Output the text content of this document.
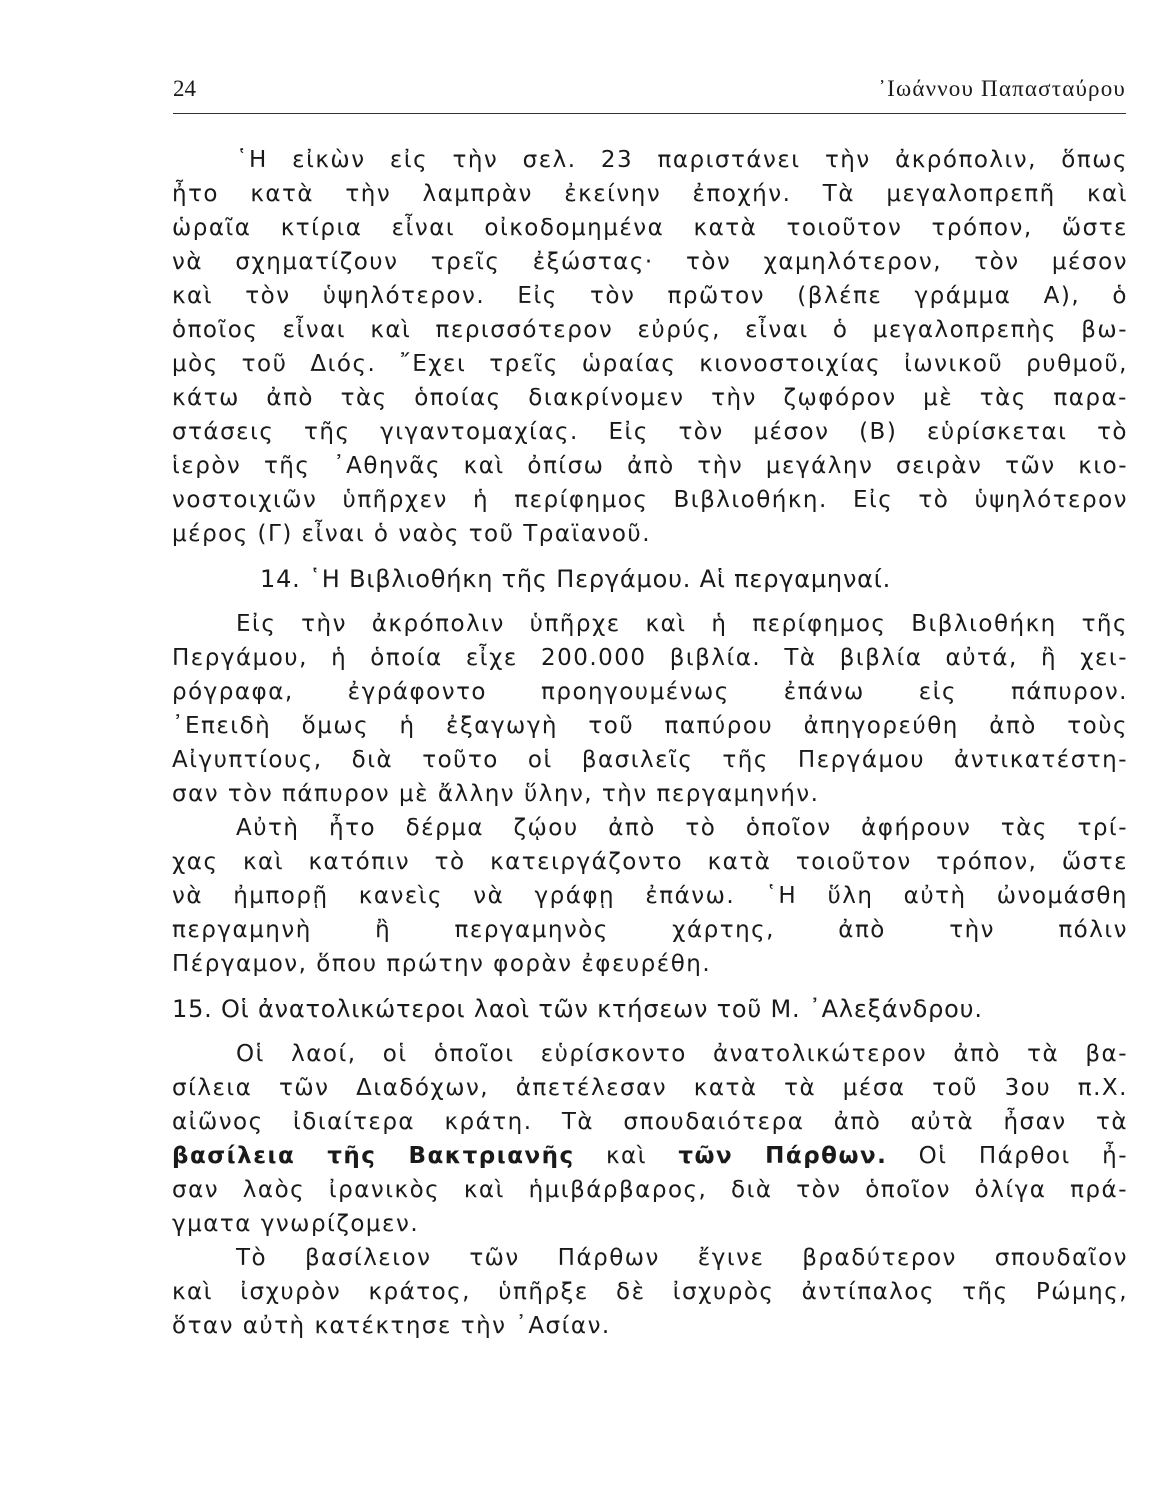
24	᾿Ιωάννου Παπασταύρου
῾Η εἰκὼν εἰς τὴν σελ. 23 παριστάνει τὴν ἀκρόπολιν, ὅπως
ἦτο κατὰ τὴν λαμπρὰν ἐκείνην ἐποχήν. Τὰ μεγαλοπρεπῆ καὶ
ὡραῖα κτίρια εἶναι οἰκοδομημένα κατὰ τοιοῦτον τρόπον, ὥστε
νὰ σχηματίζουν τρεῖς ἐξώστας· τὸν χαμηλότερον, τὸν μέσον
καὶ τὸν ὑψηλότερον. Εἰς τὸν πρῶτον (βλέπε γράμμα Α), ὁ
ὁποῖος εἶναι καὶ περισσότερον εὐρύς, εἶναι ὁ μεγαλοπρεπὴς βω-
μὸς τοῦ Διός. ῎Εχει τρεῖς ὡραίας κιονοστοιχίας ἰωνικοῦ ρυθμοῦ,
κάτω ἀπὸ τὰς ὁποίας διακρίνομεν τὴν ζῳφόρον μὲ τὰς παρα-
στάσεις τῆς γιγαντομαχίας. Εἰς τὸν μέσον (Β) εὑρίσκεται τὸ
ἱερὸν τῆς ᾿Αθηνᾶς καὶ ὀπίσω ἀπὸ τὴν μεγάλην σειρὰν τῶν κιο-
νοστοιχιῶν ὑπῆρχεν ἡ περίφημος Βιβλιοθήκη. Εἰς τὸ ὑψηλότερον
μέρος (Γ) εἶναι ὁ ναὸς τοῦ Τραϊανοῦ.
14. ῾Η Βιβλιοθήκη τῆς Περγάμου. Αἱ περγαμηναί.
Εἰς τὴν ἀκρόπολιν ὑπῆρχε καὶ ἡ περίφημος Βιβλιοθήκη τῆς
Περγάμου, ἡ ὁποία εἶχε 200.000 βιβλία. Τὰ βιβλία αὐτά, ἢ χει-
ρόγραφα, ἐγράφοντο προηγουμένως ἐπάνω εἰς πάπυρον.
᾿Επειδὴ ὅμως ἡ ἐξαγωγὴ τοῦ παπύρου ἀπηγορεύθη ἀπὸ τοὺς
Αἰγυπτίους, διὰ τοῦτο οἱ βασιλεῖς τῆς Περγάμου ἀντικατέστη-
σαν τὸν πάπυρον μὲ ἄλλην ὕλην, τὴν περγαμηνήν.
Αὐτὴ ἦτο δέρμα ζῴου ἀπὸ τὸ ὁποῖον ἀφήρουν τὰς τρί-
χας καὶ κατόπιν τὸ κατειργάζοντο κατὰ τοιοῦτον τρόπον, ὥστε
νὰ ἠμπορῇ κανεὶς νὰ γράφῃ ἐπάνω. ῾Η ὕλη αὐτὴ ὠνομάσθη
περγαμηνὴ ἢ περγαμηνὸς χάρτης, ἀπὸ τὴν πόλιν
Πέργαμον, ὅπου πρώτην φορὰν ἐφευρέθη.
15. Οἱ ἀνατολικώτεροι λαοὶ τῶν κτήσεων τοῦ Μ. ᾿Αλεξάνδρου.
Οἱ λαοί, οἱ ὁποῖοι εὑρίσκοντο ἀνατολικώτερον ἀπὸ τὰ βα-
σίλεια τῶν Διαδόχων, ἀπετέλεσαν κατὰ τὰ μέσα τοῦ 3ου π.Χ.
αἰῶνος ἰδιαίτερα κράτη. Τὰ σπουδαιότερα ἀπὸ αὐτὰ ἦσαν τὰ
βασίλεια τῆς Βακτριανῆς καὶ τῶν Πάρθων. Οἱ Πάρθοι ἦ-
σαν λαὸς ἰρανικὸς καὶ ἡμιβάρβαρος, διὰ τὸν ὁποῖον ὀλίγα πρά-
γματα γνωρίζομεν.
Τὸ βασίλειον τῶν Πάρθων ἔγινε βραδύτερον σπουδαῖον
καὶ ἰσχυρὸν κράτος, ὑπῆρξε δὲ ἰσχυρὸς ἀντίπαλος τῆς Ρώμης,
ὅταν αὐτὴ κατέκτησε τὴν ᾿Ασίαν.
